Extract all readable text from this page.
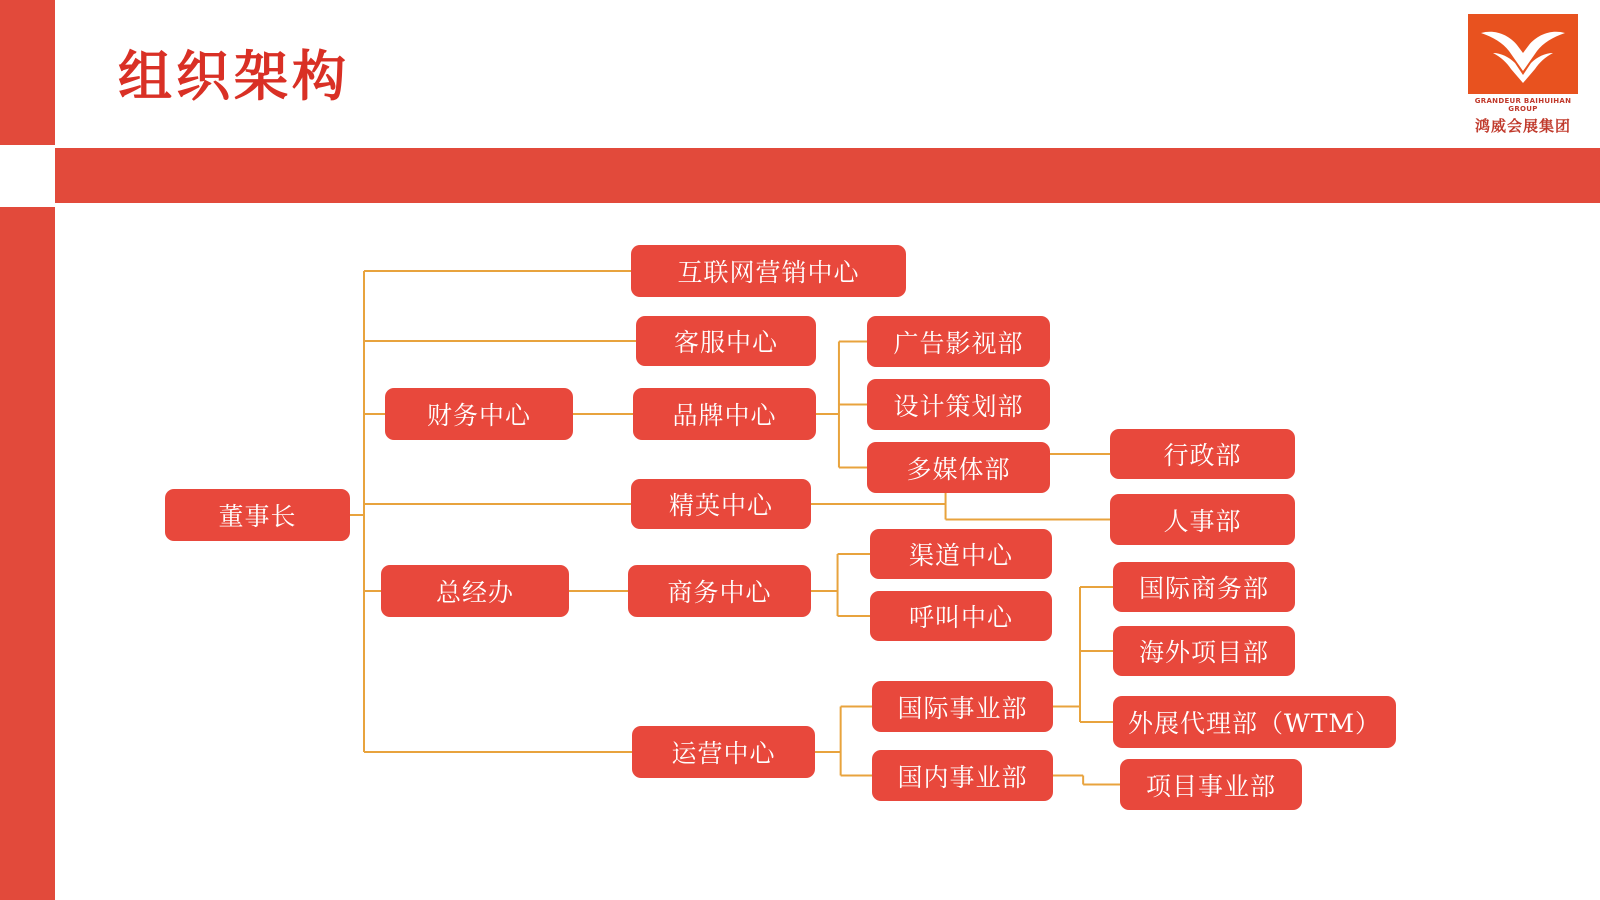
组织架构	GRANDEUR BAIHUIHAN GROUP
鸿威会展集团
董事长
财务中心
总经办
互联网营销中心
客服中心
品牌中心
精英中心
商务中心
运营中心
广告影视部
设计策划部
多媒体部
渠道中心
呼叫中心
国际事业部
国内事业部
行政部
人事部
国际商务部
海外项目部
外展代理部（WTM）
项目事业部
